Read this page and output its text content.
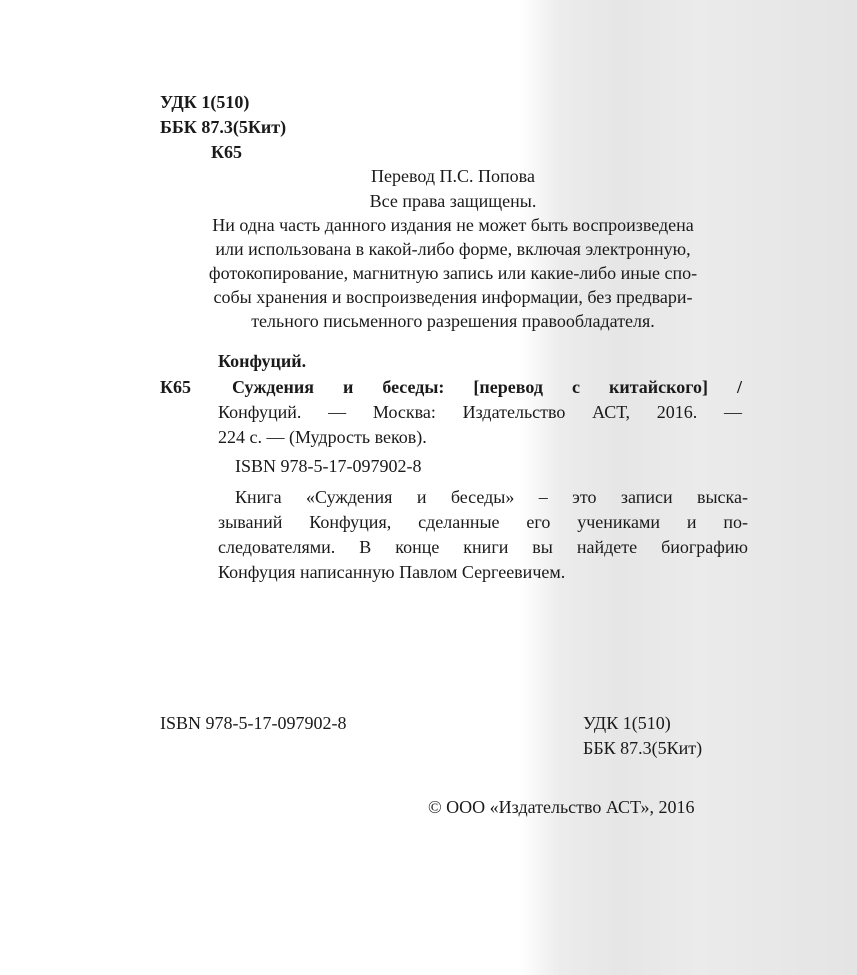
УДК 1(510)
ББК 87.3(5Кит)
К65
Перевод П.С. Попова
Все права защищены.
Ни одна часть данного издания не может быть воспроизведена
или использована в какой-либо форме, включая электронную,
фотокопирование, магнитную запись или какие-либо иные спо-
собы хранения и воспроизведения информации, без предвари-
тельного письменного разрешения правообладателя.
Конфуций.
К65 Суждения и беседы: [перевод с китайского] /
Конфуций. — Москва: Издательство АСТ, 2016. —
224 с. — (Мудрость веков).
ISBN 978-5-17-097902-8
Книга «Суждения и беседы» – это записи выска-
зываний Конфуция, сделанные его учениками и по-
следователями. В конце книги вы найдете биографию
Конфуция написанную Павлом Сергеевичем.
ISBN 978-5-17-097902-8	УДК 1(510)
ББК 87.3(5Кит)
© ООО «Издательство АСТ», 2016
